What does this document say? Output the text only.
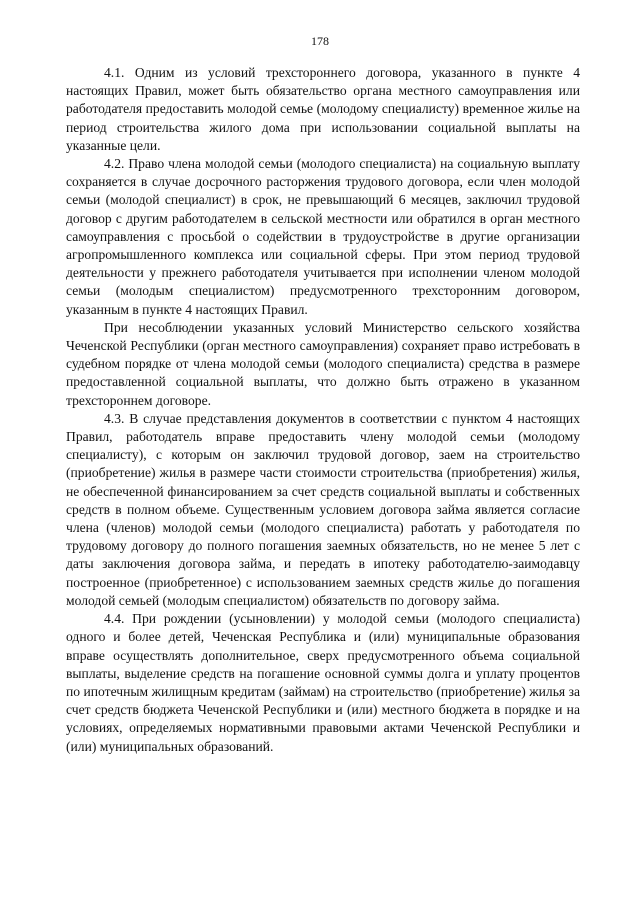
178

4.1. Одним из условий трехстороннего договора, указанного в пункте 4 настоящих Правил, может быть обязательство органа местного самоуправления или работодателя предоставить молодой семье (молодому специалисту) временное жилье на период строительства жилого дома при использовании социальной выплаты на указанные цели.

4.2. Право члена молодой семьи (молодого специалиста) на социальную выплату сохраняется в случае досрочного расторжения трудового договора, если член молодой семьи (молодой специалист) в срок, не превышающий 6 месяцев, заключил трудовой договор с другим работодателем в сельской местности или обратился в орган местного самоуправления с просьбой о содействии в трудоустройстве в другие организации агропромышленного комплекса или социальной сферы. При этом период трудовой деятельности у прежнего работодателя учитывается при исполнении членом молодой семьи (молодым специалистом) предусмотренного трехсторонним договором, указанным в пункте 4 настоящих Правил.

При несоблюдении указанных условий Министерство сельского хозяйства Чеченской Республики (орган местного самоуправления) сохраняет право истребовать в судебном порядке от члена молодой семьи (молодого специалиста) средства в размере предоставленной социальной выплаты, что должно быть отражено в указанном трехстороннем договоре.

4.3. В случае представления документов в соответствии с пунктом 4 настоящих Правил, работодатель вправе предоставить члену молодой семьи (молодому специалисту), с которым он заключил трудовой договор, заем на строительство (приобретение) жилья в размере части стоимости строительства (приобретения) жилья, не обеспеченной финансированием за счет средств социальной выплаты и собственных средств в полном объеме. Существенным условием договора займа является согласие члена (членов) молодой семьи (молодого специалиста) работать у работодателя по трудовому договору до полного погашения заемных обязательств, но не менее 5 лет с даты заключения договора займа, и передать в ипотеку работодателю-заимодавцу построенное (приобретенное) с использованием заемных средств жилье до погашения молодой семьей (молодым специалистом) обязательств по договору займа.

4.4. При рождении (усыновлении) у молодой семьи (молодого специалиста) одного и более детей, Чеченская Республика и (или) муниципальные образования вправе осуществлять дополнительное, сверх предусмотренного объема социальной выплаты, выделение средств на погашение основной суммы долга и уплату процентов по ипотечным жилищным кредитам (займам) на строительство (приобретение) жилья за счет средств бюджета Чеченской Республики и (или) местного бюджета в порядке и на условиях, определяемых нормативными правовыми актами Чеченской Республики и (или) муниципальных образований.
